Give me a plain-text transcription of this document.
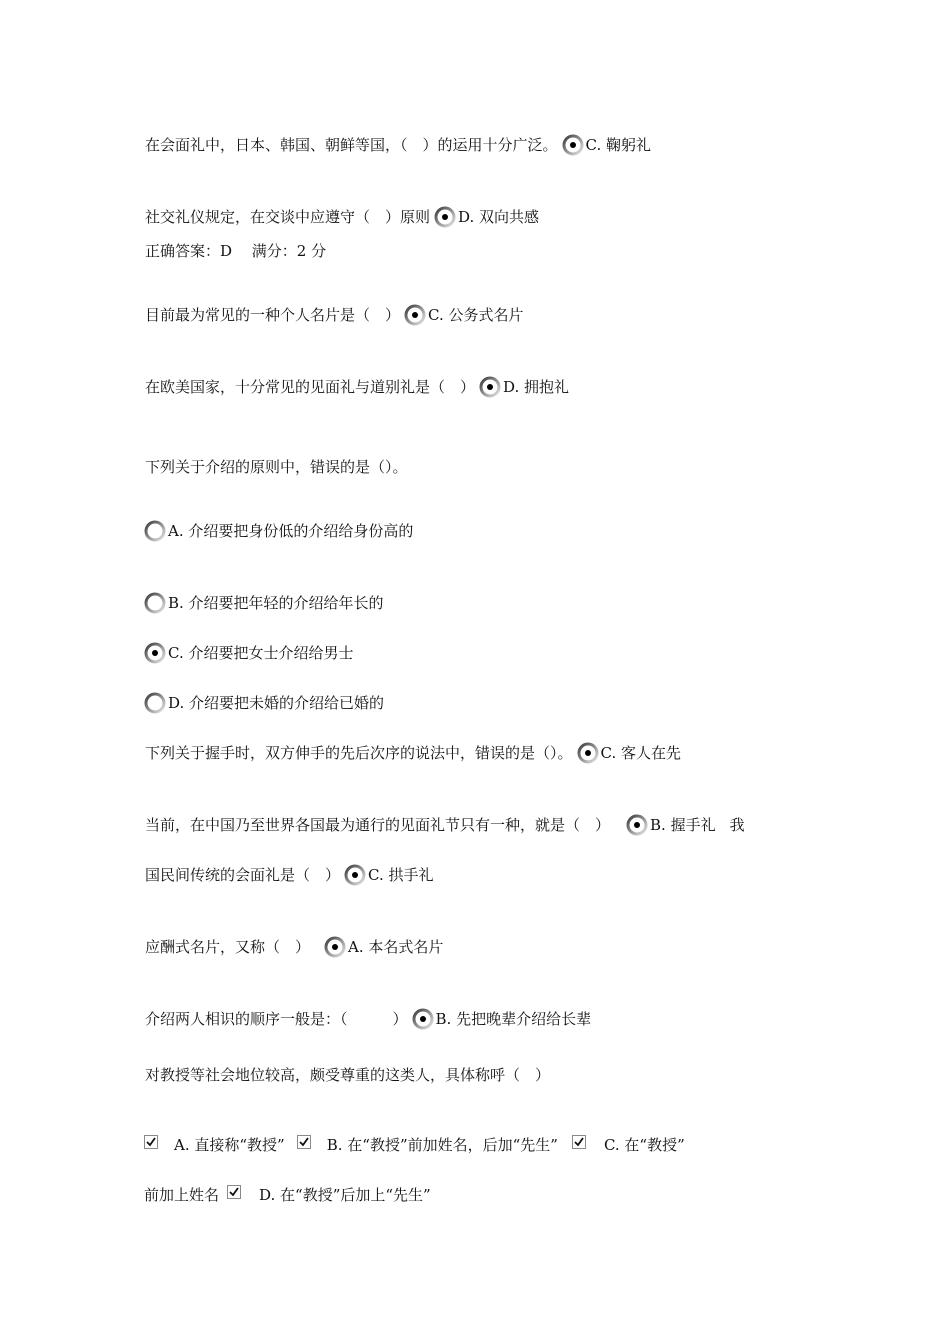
在会面礼中，日本、韩国、朝鲜等国，（　）的运用十分广泛。 C. 鞠躬礼
社交礼仪规定，在交谈中应遵守（　）原则 D. 双向共感
正确答案：D　 满分：2 分
目前最为常见的一种个人名片是（　） C. 公务式名片
在欧美国家，十分常见的见面礼与道别礼是（　） D. 拥抱礼
下列关于介绍的原则中，错误的是（）。
A. 介绍要把身份低的介绍给身份高的
B. 介绍要把年轻的介绍给年长的
C. 介绍要把女士介绍给男士
D. 介绍要把未婚的介绍给已婚的
下列关于握手时，双方伸手的先后次序的说法中，错误的是（）。 C. 客人在先
当前，在中国乃至世界各国最为通行的见面礼节只有一种，就是（　）	B. 握手礼 我
国民间传统的会面礼是（　） C. 拱手礼
应酬式名片，又称（　）	A. 本名式名片
介绍两人相识的顺序一般是：（　　　） B. 先把晚辈介绍给长辈
对教授等社会地位较高，颇受尊重的这类人，具体称呼（　）
A. 直接称“教授”	B. 在“教授”前加姓名，后加“先生”	C. 在“教授”
前加上姓名	D. 在“教授”后加上“先生”
